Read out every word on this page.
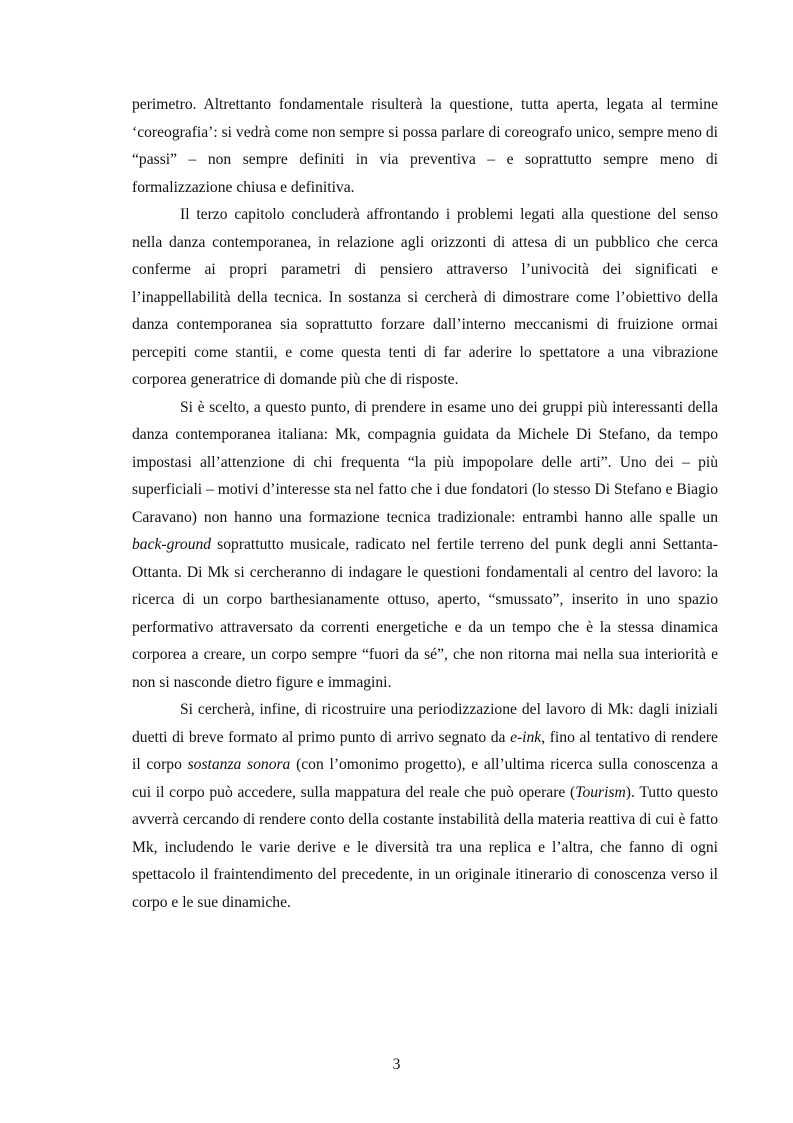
perimetro. Altrettanto fondamentale risulterà la questione, tutta aperta, legata al termine ‘coreografia’: si vedrà come non sempre si possa parlare di coreografo unico, sempre meno di “passi” – non sempre definiti in via preventiva – e soprattutto sempre meno di formalizzazione chiusa e definitiva.

Il terzo capitolo concluderà affrontando i problemi legati alla questione del senso nella danza contemporanea, in relazione agli orizzonti di attesa di un pubblico che cerca conferme ai propri parametri di pensiero attraverso l’univocità dei significati e l’inappellabilità della tecnica. In sostanza si cercherà di dimostrare come l’obiettivo della danza contemporanea sia soprattutto forzare dall’interno meccanismi di fruizione ormai percepiti come stantii, e come questa tenti di far aderire lo spettatore a una vibrazione corporea generatrice di domande più che di risposte.

Si è scelto, a questo punto, di prendere in esame uno dei gruppi più interessanti della danza contemporanea italiana: Mk, compagnia guidata da Michele Di Stefano, da tempo impostasi all’attenzione di chi frequenta “la più impopolare delle arti”. Uno dei – più superficiali – motivi d’interesse sta nel fatto che i due fondatori (lo stesso Di Stefano e Biagio Caravano) non hanno una formazione tecnica tradizionale: entrambi hanno alle spalle un back-ground soprattutto musicale, radicato nel fertile terreno del punk degli anni Settanta-Ottanta. Di Mk si cercheranno di indagare le questioni fondamentali al centro del lavoro: la ricerca di un corpo barthesianamente ottuso, aperto, “smussato”, inserito in uno spazio performativo attraversato da correnti energetiche e da un tempo che è la stessa dinamica corporea a creare, un corpo sempre “fuori da sé”, che non ritorna mai nella sua interiorità e non si nasconde dietro figure e immagini.

Si cercherà, infine, di ricostruire una periodizzazione del lavoro di Mk: dagli iniziali duetti di breve formato al primo punto di arrivo segnato da e-ink, fino al tentativo di rendere il corpo sostanza sonora (con l’omonimo progetto), e all’ultima ricerca sulla conoscenza a cui il corpo può accedere, sulla mappatura del reale che può operare (Tourism). Tutto questo avverrà cercando di rendere conto della costante instabilità della materia reattiva di cui è fatto Mk, includendo le varie derive e le diversità tra una replica e l’altra, che fanno di ogni spettacolo il fraintendimento del precedente, in un originale itinerario di conoscenza verso il corpo e le sue dinamiche.

3
